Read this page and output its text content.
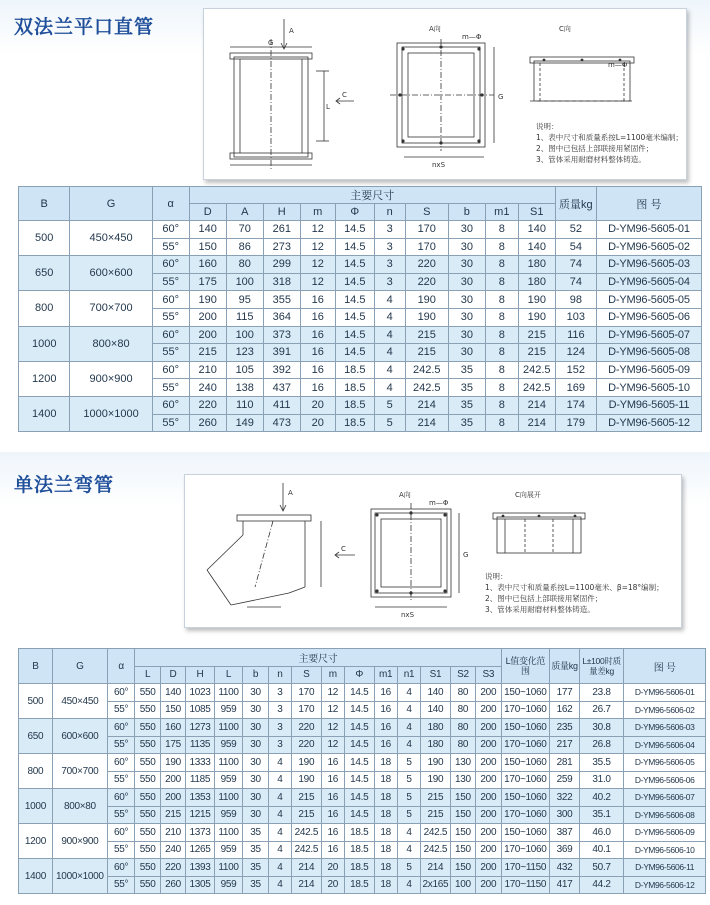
双法兰平口直管	A
G
L
C
A向
m—Φ
nxS
G
C向
m—Φ
说明：
1、表中尺寸和质量系按L=1100毫米编制；
2、图中已包括上部联接用紧固件；
3、管体采用耐磨材料整体铸造。
B	G	α	主要尺寸										质量kg	图 号
			D	A	H	m	Φ	n	S	b	m1	S1		
500	450×450	60°	140	70	261	12	14.5	3	170	30	8	140	52	D-YM96-5605-01
		55°	150	86	273	12	14.5	3	170	30	8	140	54	D-YM96-5605-02
650	600×600	60°	160	80	299	12	14.5	3	220	30	8	180	74	D-YM96-5605-03
		55°	175	100	318	12	14.5	3	220	30	8	180	74	D-YM96-5605-04
800	700×700	60°	190	95	355	16	14.5	4	190	30	8	190	98	D-YM96-5605-05
		55°	200	115	364	16	14.5	4	190	30	8	190	103	D-YM96-5605-06
1000	800×80	60°	200	100	373	16	14.5	4	215	30	8	215	116	D-YM96-5605-07
		55°	215	123	391	16	14.5	4	215	30	8	215	124	D-YM96-5605-08
1200	900×900	60°	210	105	392	16	18.5	4	242.5	35	8	242.5	152	D-YM96-5605-09
		55°	240	138	437	16	18.5	4	242.5	35	8	242.5	169	D-YM96-5605-10
1400	1000×1000	60°	220	110	411	20	18.5	5	214	35	8	214	174	D-YM96-5605-11
		55°	260	149	473	20	18.5	5	214	35	8	214	179	D-YM96-5605-12
单法兰弯管	A
C
A向
m—Φ
nxS
G
C向展开
说明：
1、表中尺寸和质量系按L=1100毫米、β=18°编制；
2、图中已包括上部联接用紧固件；
3、管体采用耐磨材料整体铸造。
B	G	α	主要尺寸														L值变化范围	质量kg	L±100时质量差kg	图 号
			L	D	H	L	b	n	S	m	Φ	m1	n1	S1	S2	S3				
500	450×450	60°	550	140	1023	1100	30	3	170	12	14.5	16	4	140	80	200	150~1060	177	23.8	D-YM96-5606-01
		55°	550	150	1085	959	30	3	170	12	14.5	16	4	140	80	200	170~1060	162	26.7	D-YM96-5606-02
650	600×600	60°	550	160	1273	1100	30	3	220	12	14.5	16	4	180	80	200	150~1060	235	30.8	D-YM96-5606-03
		55°	550	175	1135	959	30	3	220	12	14.5	16	4	180	80	200	170~1060	217	26.8	D-YM96-5606-04
800	700×700	60°	550	190	1333	1100	30	4	190	16	14.5	18	5	190	130	200	150~1060	281	35.5	D-YM96-5606-05
		55°	550	200	1185	959	30	4	190	16	14.5	18	5	190	130	200	170~1060	259	31.0	D-YM96-5606-06
1000	800×80	60°	550	200	1353	1100	30	4	215	16	14.5	18	5	215	150	200	150~1060	322	40.2	D-YM96-5606-07
		55°	550	215	1215	959	30	4	215	16	14.5	18	5	215	150	200	170~1060	300	35.1	D-YM96-5606-08
1200	900×900	60°	550	210	1373	1100	35	4	242.5	16	18.5	18	4	242.5	150	200	150~1060	387	46.0	D-YM96-5606-09
		55°	550	240	1265	959	35	4	242.5	16	18.5	18	4	242.5	150	200	170~1060	369	40.1	D-YM96-5606-10
1400	1000×1000	60°	550	220	1393	1100	35	4	214	20	18.5	18	5	214	150	200	170~1150	432	50.7	D-YM96-5606-11
		55°	550	260	1305	959	35	4	214	20	18.5	18	4	2x165	100	200	170~1150	417	44.2	D-YM96-5606-12
